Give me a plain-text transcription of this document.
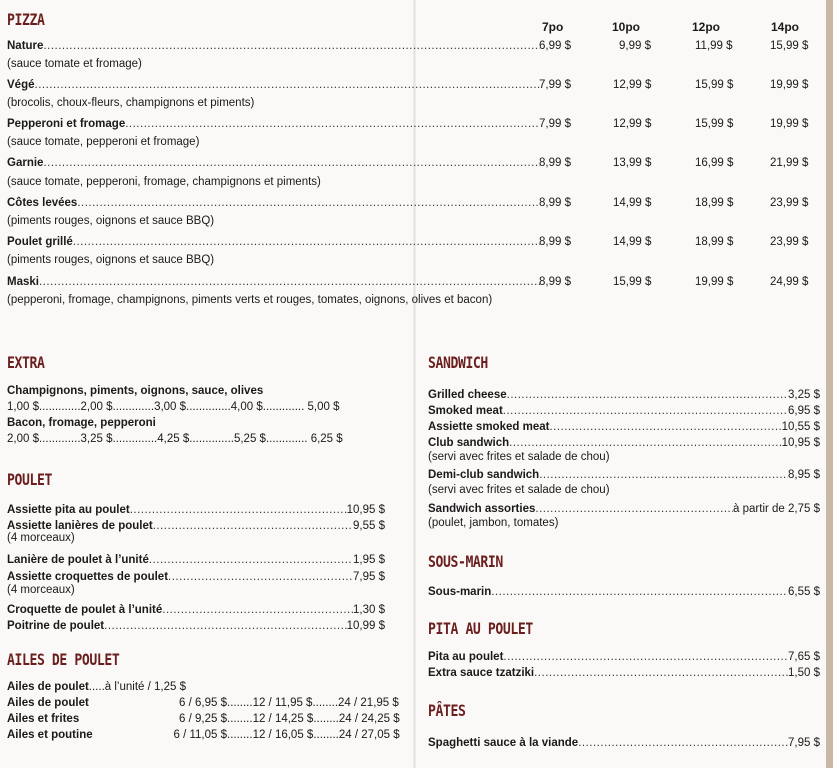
PIZZA	7po	10po	12po	14po
Nature .....	6,99 $	9,99 $	11,99 $	15,99 $
(sauce tomate et fromage)
Végé .....	7,99 $	12,99 $	15,99 $	19,99 $
(brocolis, choux-fleurs, champignons et piments)
Pepperoni et fromage .....	7,99 $	12,99 $	15,99 $	19,99 $
(sauce tomate, pepperoni et fromage)
Garnie .....	8,99 $	13,99 $	16,99 $	21,99 $
(sauce tomate, pepperoni, fromage, champignons et piments)
Côtes levées .....	8,99 $	14,99 $	18,99 $	23,99 $
(piments rouges, oignons et sauce BBQ)
Poulet grillé .....	8,99 $	14,99 $	18,99 $	23,99 $
(piments rouges, oignons et sauce BBQ)
Maski .....	8,99 $	15,99 $	19,99 $	24,99 $
(pepperoni, fromage, champignons, piments verts et rouges, tomates, oignons, olives et bacon)
EXTRA
Champignons, piments, oignons, sauce, olives
1,00 $.............2,00 $.............3,00 $..............4,00 $............. 5,00 $
Bacon, fromage, pepperoni
2,00 $.............3,25 $..............4,25 $..............5,25 $............. 6,25 $
POULET
Assiette pita au poulet .....	10,95 $
Assiette lanières de poulet .....	9,55 $
(4 morceaux)
Lanière de poulet à l’unité .....	1,95 $
Assiette croquettes de poulet .....	7,95 $
(4 morceaux)
Croquette de poulet à l’unité .....	1,30 $
Poitrine de poulet .....	10,99 $
AILES DE POULET
Ailes de poulet.....à l’unité / 1,25 $
Ailes de poulet	6 / 6,95 $........12 / 11,95 $........24 / 21,95 $
Ailes et frites	6 / 9,25 $........12 / 14,25 $........24 / 24,25 $
Ailes et poutine	6 / 11,05 $........12 / 16,05 $........24 / 27,05 $
SANDWICH
Grilled cheese .....	3,25 $
Smoked meat .....	6,95 $
Assiette smoked meat .....	10,55 $
Club sandwich .....	10,95 $
(servi avec frites et salade de chou)
Demi-club sandwich .....	8,95 $
(servi avec frites et salade de chou)
Sandwich assorties .....	à partir de 2,75 $
(poulet, jambon, tomates)
SOUS-MARIN
Sous-marin .....	6,55 $
PITA AU POULET
Pita au poulet .....	7,65 $
Extra sauce tzatziki .....	1,50 $
PÂTES
Spaghetti sauce à la viande .....	7,95 $
